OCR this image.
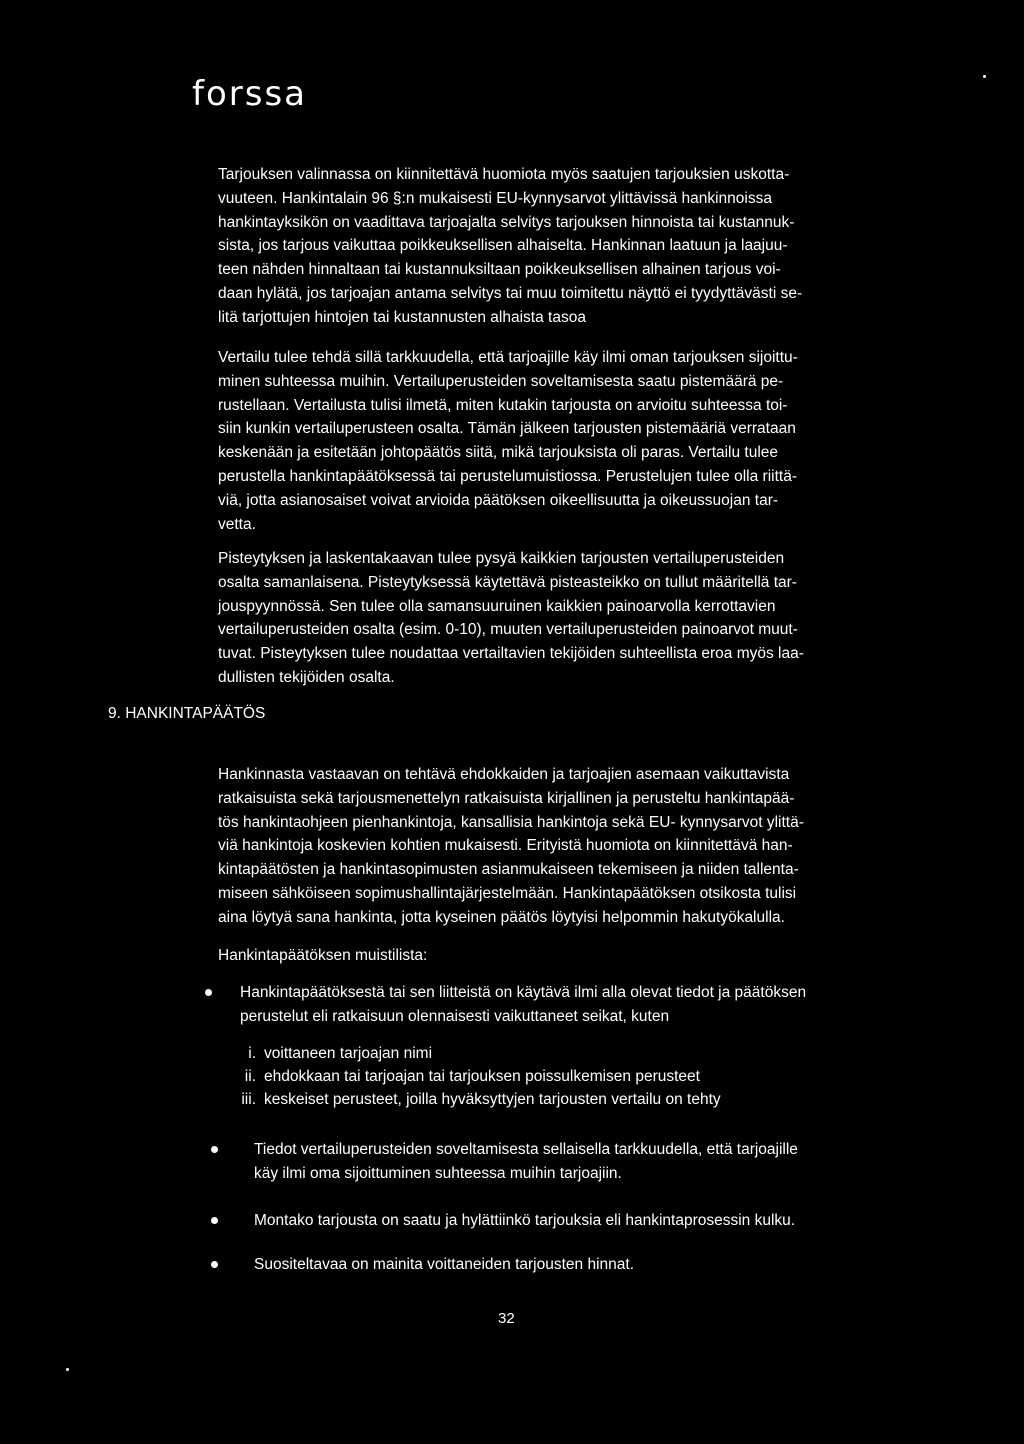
forssa
Tarjouksen valinnassa on kiinnitettävä huomiota myös saatujen tarjouksien uskotta-
vuuteen. Hankintalain 96 §:n mukaisesti EU-kynnysarvot ylittävissä hankinnoissa
hankintayksikön on vaadittava tarjoajalta selvitys tarjouksen hinnoista tai kustannuk-
sista, jos tarjous vaikuttaa poikkeuksellisen alhaiselta. Hankinnan laatuun ja laajuu-
teen nähden hinnaltaan tai kustannuksiltaan poikkeuksellisen alhainen tarjous voi-
daan hylätä, jos tarjoajan antama selvitys tai muu toimitettu näyttö ei tyydyttävästi se-
litä tarjottujen hintojen tai kustannusten alhaista tasoa
Vertailu tulee tehdä sillä tarkkuudella, että tarjoajille käy ilmi oman tarjouksen sijoittu-
minen suhteessa muihin. Vertailuperusteiden soveltamisesta saatu pistemäärä pe-
rustellaan. Vertailusta tulisi ilmetä, miten kutakin tarjousta on arvioitu suhteessa toi-
siin kunkin vertailuperusteen osalta. Tämän jälkeen tarjousten pistemääriä verrataan
keskenään ja esitetään johtopäätös siitä, mikä tarjouksista oli paras. Vertailu tulee
perustella hankintapäätöksessä tai perustelumuistiossa. Perustelujen tulee olla riittä-
viä, jotta asianosaiset voivat arvioida päätöksen oikeellisuutta ja oikeussuojan tar-
vetta.
Pisteytyksen ja laskentakaavan tulee pysyä kaikkien tarjousten vertailuperusteiden
osalta samanlaisena. Pisteytyksessä käytettävä pisteasteikko on tullut määritellä tar-
jouspyynnössä. Sen tulee olla samansuuruinen kaikkien painoarvolla kerrottavien
vertailuperusteiden osalta (esim. 0-10), muuten vertailuperusteiden painoarvot muut-
tuvat. Pisteytyksen tulee noudattaa vertailtavien tekijöiden suhteellista eroa myös laa-
dullisten tekijöiden osalta.
9. HANKINTAPÄÄTÖS
Hankinnasta vastaavan on tehtävä ehdokkaiden ja tarjoajien asemaan vaikuttavista
ratkaisuista sekä tarjousmenettelyn ratkaisuista kirjallinen ja perusteltu hankintapää-
tös hankintaohjeen pienhankintoja, kansallisia hankintoja sekä EU- kynnysarvot ylittä-
viä hankintoja koskevien kohtien mukaisesti. Erityistä huomiota on kiinnitettävä han-
kintapäätösten ja hankintasopimusten asianmukaiseen tekemiseen ja niiden tallenta-
miseen sähköiseen sopimushallintajärjestelmään. Hankintapäätöksen otsikosta tulisi
aina löytyä sana hankinta, jotta kyseinen päätös löytyisi helpommin hakutyökalulla.
Hankintapäätöksen muistilista:
Hankintapäätöksestä tai sen liitteistä on käytävä ilmi alla olevat tiedot ja päätöksen
perustelut eli ratkaisuun olennaisesti vaikuttaneet seikat, kuten
i. voittaneen tarjoajan nimi
ii. ehdokkaan tai tarjoajan tai tarjouksen poissulkemisen perusteet
iii. keskeiset perusteet, joilla hyväksyttyjen tarjousten vertailu on tehty
Tiedot vertailuperusteiden soveltamisesta sellaisella tarkkuudella, että tarjoajille
käy ilmi oma sijoittuminen suhteessa muihin tarjoajiin.
Montako tarjousta on saatu ja hylättiinkö tarjouksia eli hankintaprosessin kulku.
Suositeltavaa on mainita voittaneiden tarjousten hinnat.
32
